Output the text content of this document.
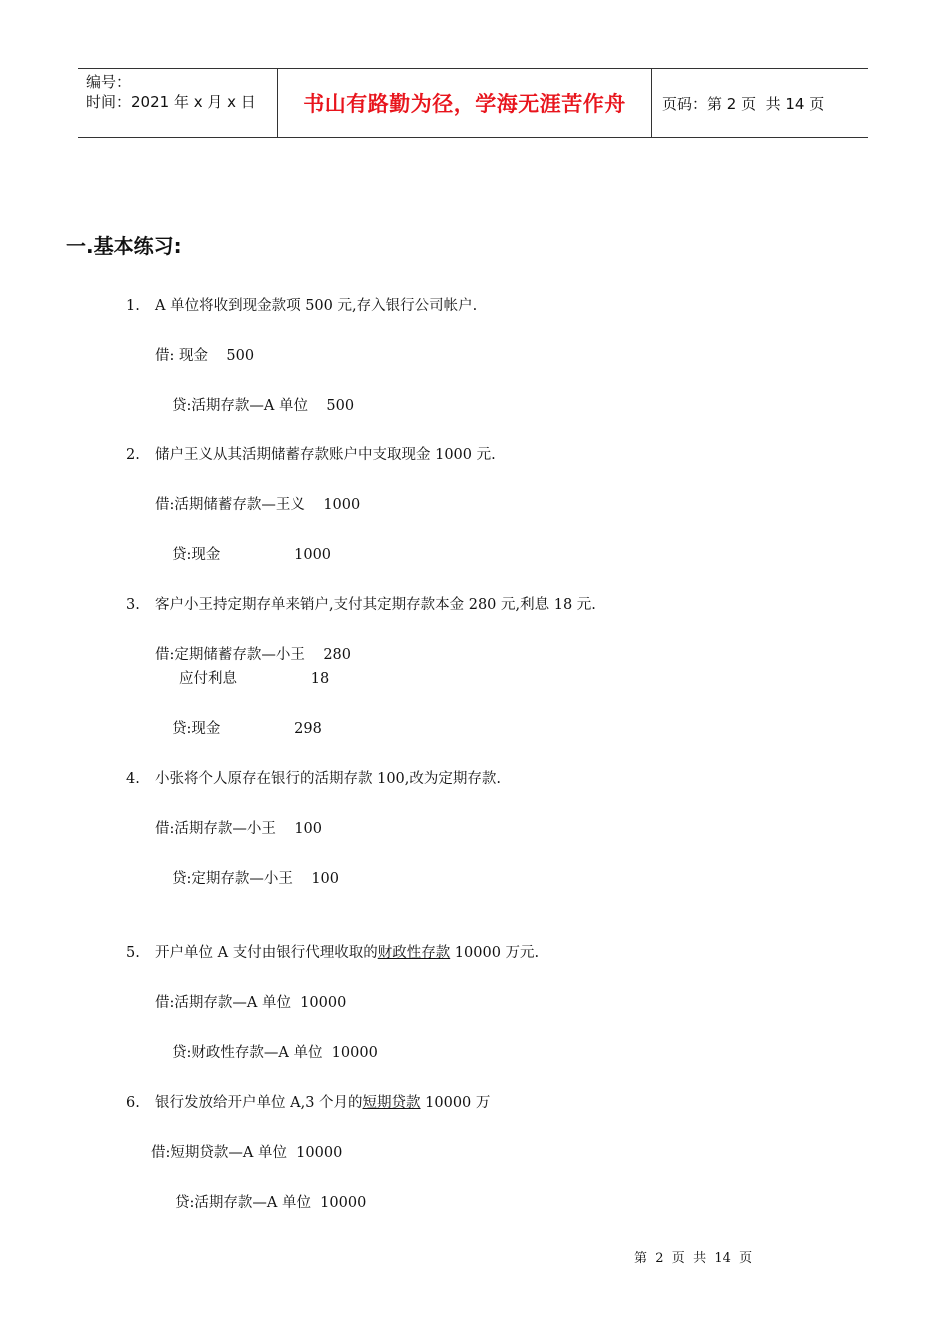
编号：
时间：2021 年 x 月 x 日	书山有路勤为径，学海无涯苦作舟	页码：第 2 页  共 14 页
一.基本练习:
1. A 单位将收到现金款项 500 元,存入银行公司帐户.
借: 现金    500
贷:活期存款—A 单位    500
2. 储户王义从其活期储蓄存款账户中支取现金 1000 元.
借:活期储蓄存款—王义    1000
贷:现金                1000
3. 客户小王持定期存单来销户,支付其定期存款本金 280 元,利息 18 元.
借:定期储蓄存款—小王    280
应付利息                18
贷:现金                298
4. 小张将个人原存在银行的活期存款 100,改为定期存款.
借:活期存款—小王    100
贷:定期存款—小王    100
5. 开户单位 A 支付由银行代理收取的财政性存款 10000 万元.
借:活期存款—A 单位  10000
贷:财政性存款—A 单位  10000
6. 银行发放给开户单位 A,3 个月的短期贷款 10000 万
借:短期贷款—A 单位  10000
贷:活期存款—A 单位  10000
第  2  页  共  14  页
